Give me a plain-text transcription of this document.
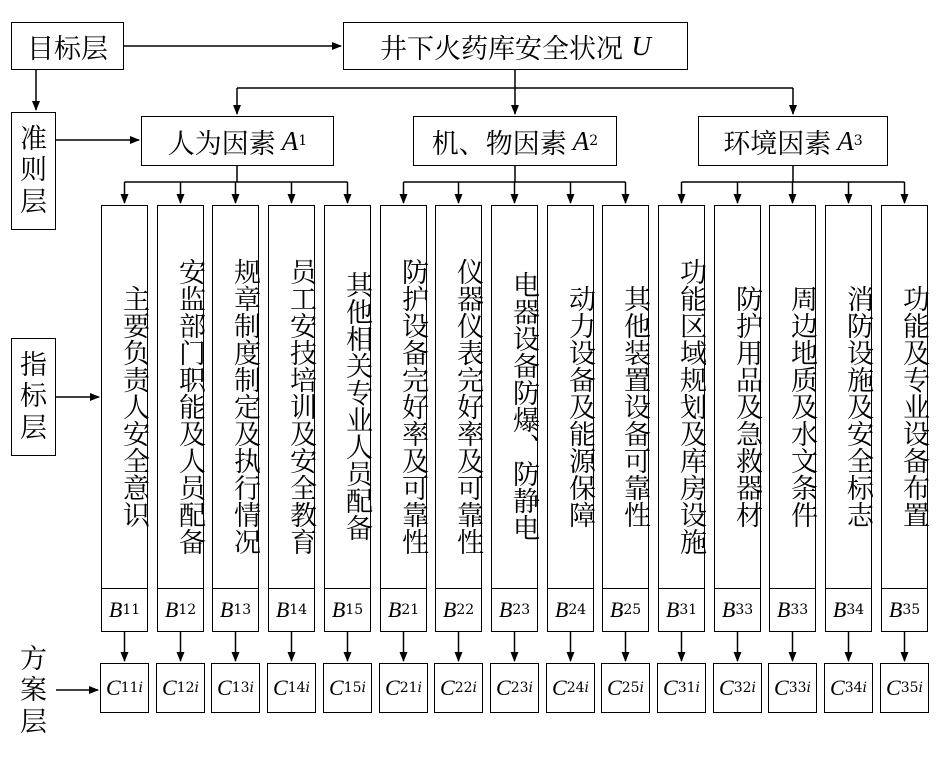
目标层
准
则
层
指
标
层
方
案
层
井下火药库安全状况
U
人为因素 A 1	机、物因素 A 2	环境因素 A 3
主要负责人安全意识
B 11
C 11i
安监部门职能及人员配备
B 12
C 12i
规章制度制定及执行情况
B 13
C 13i
员工安技培训及安全教育
B 14
C 14i
其他相关专业人员配备
B 15
C 15i
防护设备完好率及可靠性
B 21
C 21i
仪器仪表完好率及可靠性
B 22
C 22i
电器设备防爆、防静电
B 23
C 23i
动力设备及能源保障
B 24
C 24i
其他装置设备可靠性
B 25
C 25i
功能区域规划及库房设施
B 31
C 31i
防护用品及急救器材
B 33
C 32i
周边地质及水文条件
B 33
C 33i
消防设施及安全标志
B 34
C 34i
功能及专业设备布置
B 35
C 35i
